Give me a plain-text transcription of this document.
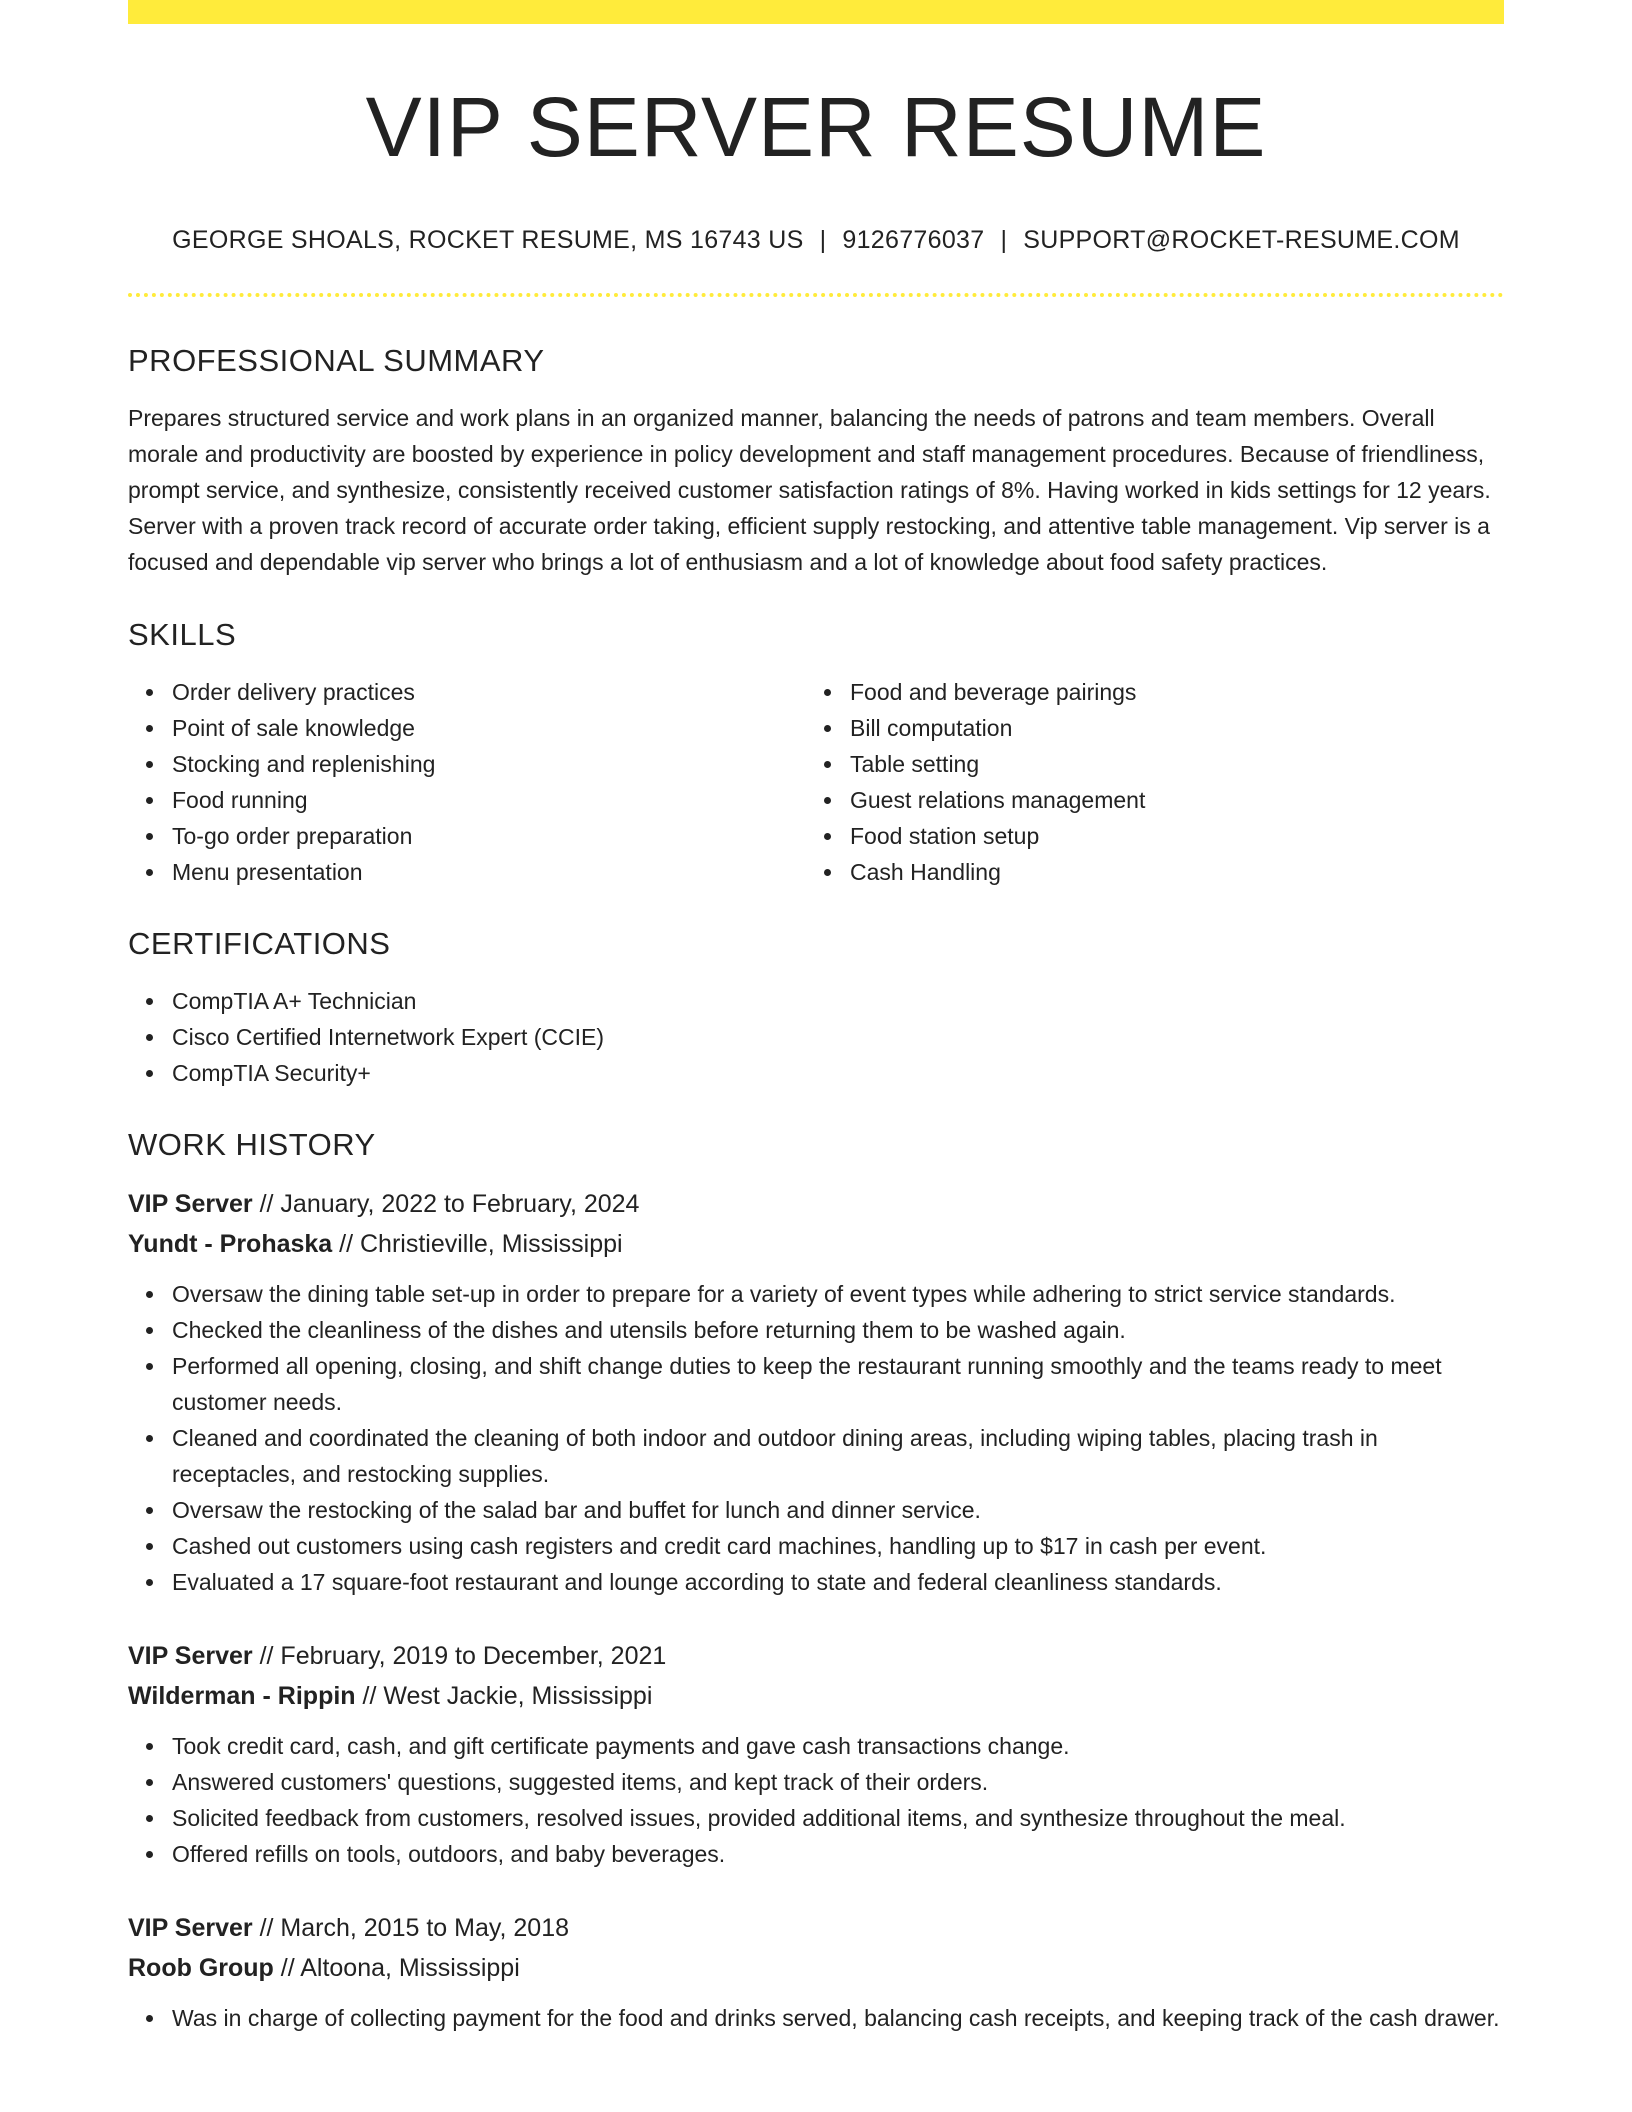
VIP SERVER RESUME
GEORGE SHOALS, ROCKET RESUME, MS 16743 US | 9126776037 | SUPPORT@ROCKET-RESUME.COM
PROFESSIONAL SUMMARY

Prepares structured service and work plans in an organized manner, balancing the needs of patrons and team members. Overall morale and productivity are boosted by experience in policy development and staff management procedures. Because of friendliness, prompt service, and synthesize, consistently received customer satisfaction ratings of 8%. Having worked in kids settings for 12 years. Server with a proven track record of accurate order taking, efficient supply restocking, and attentive table management. Vip server is a focused and dependable vip server who brings a lot of enthusiasm and a lot of knowledge about food safety practices.

SKILLS
Order delivery practices
Point of sale knowledge
Stocking and replenishing
Food running
To-go order preparation
Menu presentation
Food and beverage pairings
Bill computation
Table setting
Guest relations management
Food station setup
Cash Handling
CERTIFICATIONS
CompTIA A+ Technician
Cisco Certified Internetwork Expert (CCIE)
CompTIA Security+
WORK HISTORY
VIP Server // January, 2022 to February, 2024
Yundt - Prohaska // Christieville, Mississippi
Oversaw the dining table set-up in order to prepare for a variety of event types while adhering to strict service standards.
Checked the cleanliness of the dishes and utensils before returning them to be washed again.
Performed all opening, closing, and shift change duties to keep the restaurant running smoothly and the teams ready to meet customer needs.
Cleaned and coordinated the cleaning of both indoor and outdoor dining areas, including wiping tables, placing trash in receptacles, and restocking supplies.
Oversaw the restocking of the salad bar and buffet for lunch and dinner service.
Cashed out customers using cash registers and credit card machines, handling up to $17 in cash per event.
Evaluated a 17 square-foot restaurant and lounge according to state and federal cleanliness standards.
VIP Server // February, 2019 to December, 2021
Wilderman - Rippin // West Jackie, Mississippi
Took credit card, cash, and gift certificate payments and gave cash transactions change.
Answered customers' questions, suggested items, and kept track of their orders.
Solicited feedback from customers, resolved issues, provided additional items, and synthesize throughout the meal.
Offered refills on tools, outdoors, and baby beverages.
VIP Server // March, 2015 to May, 2018
Roob Group // Altoona, Mississippi
Was in charge of collecting payment for the food and drinks served, balancing cash receipts, and keeping track of the cash drawer.
